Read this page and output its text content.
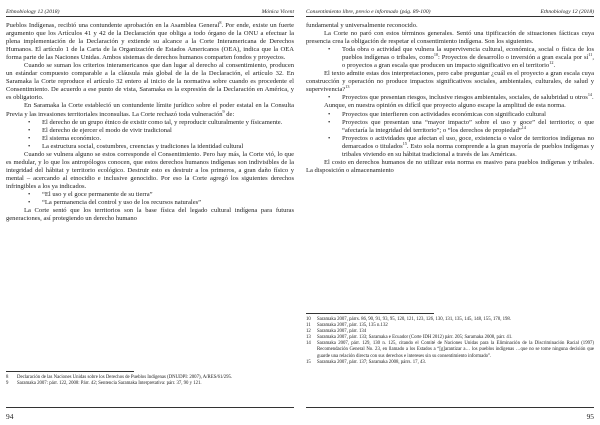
Ethnobiology 12 (2018)	Mónica Vicent

Pueblos Indígenas, recibió una contundente aprobación en la Asamblea General$^8$. Por ende, existe un fuerte argumento que los Artículos 41 y 42 de la Declaración que obliga a todo órgano de la ONU a efectuar la plena implementación de la Declaración y extiende su alcance a la Corte Interamericana de Derechos Humanos. El artículo 1 de la Carta de la Organización de Estados Americanos (OEA), indica que la OEA forma parte de las Naciones Unidas. Ambos sistemas de derechos humanos comparten fondos y proyectos.

Cuando se suman los criterios interamericanos que dan lugar al derecho al consentimiento, producen un estándar compuesto comparable a la cláusula más global de la de la Declaración, el artículo 32. En Saramaka la Corte reproduce el artículo 32 entero al inicio de la normativa sobre cuando es procedente el Consentimiento. De acuerdo a ese punto de vista, Saramaka es la expresión de la Declaración en América, y es obligatorio.

En Saramaka la Corte estableció un contundente límite jurídico sobre el poder estatal en la Consulta Previa y las invasiones territoriales inconsultas. La Corte rechazó toda vulneración$^9$ de:

• El derecho de un grupo étnico de existir como tal, y reproducir culturalmente y físicamente.
• El derecho de ejercer el modo de vivir tradicional
• El sistema económico.
• La estructura social, costumbres, creencias y tradiciones la identidad cultural

Cuando se vulnera alguno se estos corresponde el Consentimiento. Pero hay más, la Corte vió, lo que es medular, y lo que los antropólogos conocen, que estos derechos humanos indígenas son indivisibles de la integridad del hábitat y territorio ecológico. Destruir esto es destruir a los primeros, a gran daño físico y mental – acercando al etnocidio e inclusive genocidio. Por eso la Corte agregó los siguientes derechos infringibles a los ya indicados.

• “El uso y el goce permanente de su tierra”
• “La permanencia del control y uso de los recursos naturales”

La Corte sentó que los territorios son la base física del legado cultural indígena para futuras generaciones, así protegiendo un derecho humano

8	Declaración de las Naciones Unidas sobre los Derechos de Pueblos Indígenas (DNUDPI: 2007), A/RES/61/295.
9	Saramaka 2007: párr. 122, 2008: Párr. 42; Sentencia Saramaka Interpretativa: párr. 37, 90 y 121.
94
Consentimiento libre, previo e informado (pág. 89-100)	Ethnobiology 12 (2018)

fundamental y universalmente reconocido.

La Corte no paró con estos términos generales. Sentó una tipificación de situaciones fácticas cuya presencia crea la obligación de respetar el consentimiento indígena. Son los siguientes.

• Toda obra o actividad que vulnera la supervivencia cultural, económica, social o física de los pueblos indígenas o tribales, como$^{10}$: Proyectos de desarrollo o inversión a gran escala por $sí^{11}$, o proyectos a gran escala que producen un impacto significativo en el territorio$^{12}$.

El texto admite estas dos interpretaciones, pero cabe preguntar ¿cuál es el proyecto a gran escala cuya construcción y operación no produce impactos significativos sociales, ambientales, culturales, de salud y supervivencia?$^{13}$

• Proyectos que presentan riesgos, inclusive riesgos ambientales, sociales, de salubridad u otros$^{14}$.

Aunque, en nuestra opinión es difícil que proyecto alguno escape la amplitud de esta norma.

• Proyectos que interfieren con actividades económicas con significado cultural
• Proyectos que presentan una “mayor impacto” sobre el uso y goce” del territorio; o que “afectaría la integridad del territorio”; o “los derechos de propiedad”$^{14}$
• Proyectos o actividades que afectan el uso, goce, existencia o valor de territorios indígenas no demarcados o titulados$^{15}$. Esto sola norma comprende a la gran mayoría de pueblos indígenas y tribales viviendo en su hábitat tradicional a través de las Américas.

El costo en derechos humanos de no utilizar esta norma es masivo para pueblos indígenas y tribales. La disposición o almacenamiento

10	Saramaka 2007, párrs. 86, 90, 91, 93, 95, 120, 121, 123, 126, 130, 131, 135, 145, 148, 155, 178, 198.
11	Saramaka 2007, párr. 135, 135 n.132
12	Saramaka 2007, párr. 134
13	Saramaka 2007, párr. 133; Saramaka e Ecuador (Corte IDH 2012) párr. 205; Saramaka 2008, párr. 41.
14	Saramaka 2007, párr. 129, 130 n. 125, citando el Comité de Naciones Unidas para la Eliminación de la Discriminación Racial (1997) Recomendación General No. 23, en llamado a los Estados a “[g]arantizar a… los pueblos indígenas …que no se tome ninguna decisión que guarde una relación directa con sus derechos e intereses sin su consentimiento informado”.
15	Saramaka 2007, párr. 137; Saramaka 2008, párrs. 17, 43.
95
